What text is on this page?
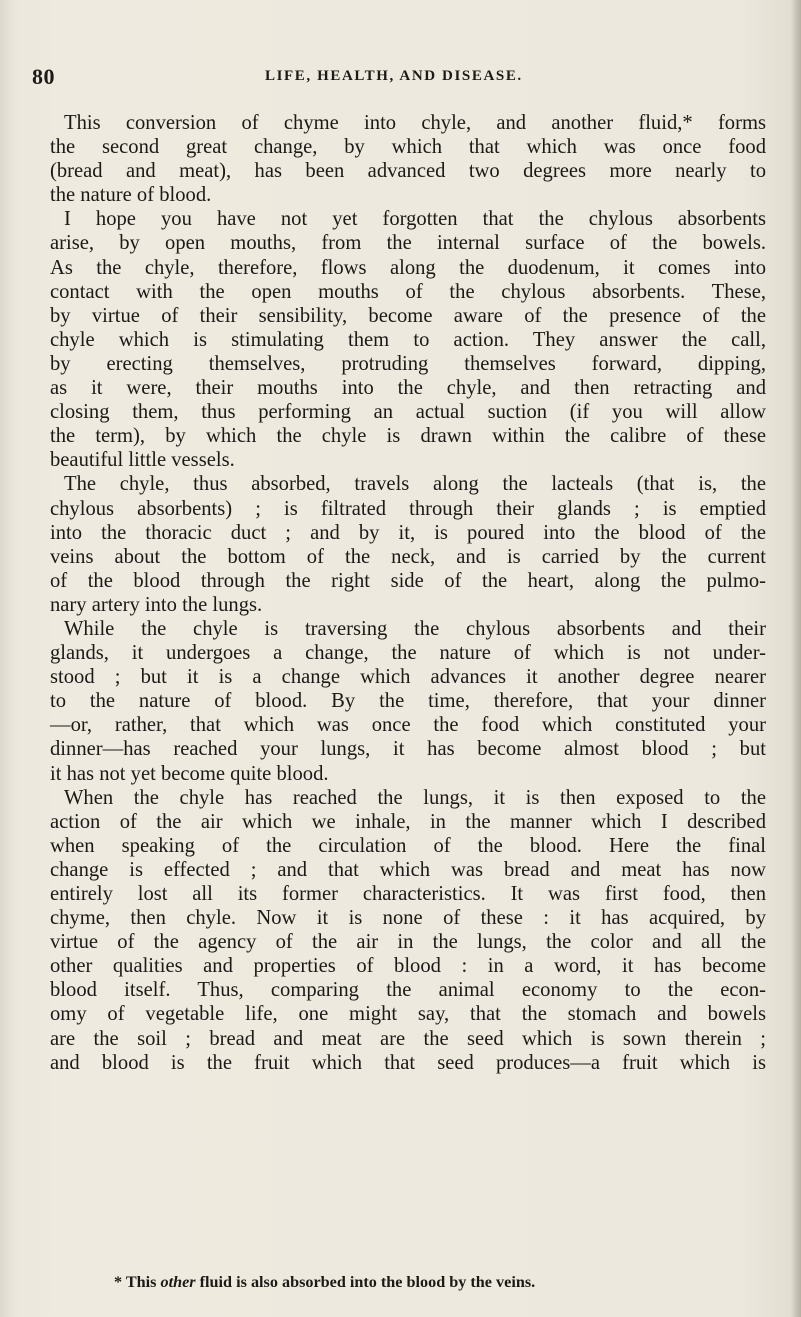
80	LIFE, HEALTH, AND DISEASE.
This conversion of chyme into chyle, and another fluid,* forms
the second great change, by which that which was once food
(bread and meat), has been advanced two degrees more nearly to
the nature of blood.
I hope you have not yet forgotten that the chylous absorbents
arise, by open mouths, from the internal surface of the bowels.
As the chyle, therefore, flows along the duodenum, it comes into
contact with the open mouths of the chylous absorbents. These,
by virtue of their sensibility, become aware of the presence of the
chyle which is stimulating them to action. They answer the call,
by erecting themselves, protruding themselves forward, dipping,
as it were, their mouths into the chyle, and then retracting and
closing them, thus performing an actual suction (if you will allow
the term), by which the chyle is drawn within the calibre of these
beautiful little vessels.
The chyle, thus absorbed, travels along the lacteals (that is, the
chylous absorbents) ; is filtrated through their glands ; is emptied
into the thoracic duct ; and by it, is poured into the blood of the
veins about the bottom of the neck, and is carried by the current
of the blood through the right side of the heart, along the pulmo-
nary artery into the lungs.
While the chyle is traversing the chylous absorbents and their
glands, it undergoes a change, the nature of which is not under-
stood ; but it is a change which advances it another degree nearer
to the nature of blood. By the time, therefore, that your dinner
—or, rather, that which was once the food which constituted your
dinner—has reached your lungs, it has become almost blood ; but
it has not yet become quite blood.
When the chyle has reached the lungs, it is then exposed to the
action of the air which we inhale, in the manner which I described
when speaking of the circulation of the blood. Here the final
change is effected ; and that which was bread and meat has now
entirely lost all its former characteristics. It was first food, then
chyme, then chyle. Now it is none of these : it has acquired, by
virtue of the agency of the air in the lungs, the color and all the
other qualities and properties of blood : in a word, it has become
blood itself. Thus, comparing the animal economy to the econ-
omy of vegetable life, one might say, that the stomach and bowels
are the soil ; bread and meat are the seed which is sown therein ;
and blood is the fruit which that seed produces—a fruit which is
* This other fluid is also absorbed into the blood by the veins.
